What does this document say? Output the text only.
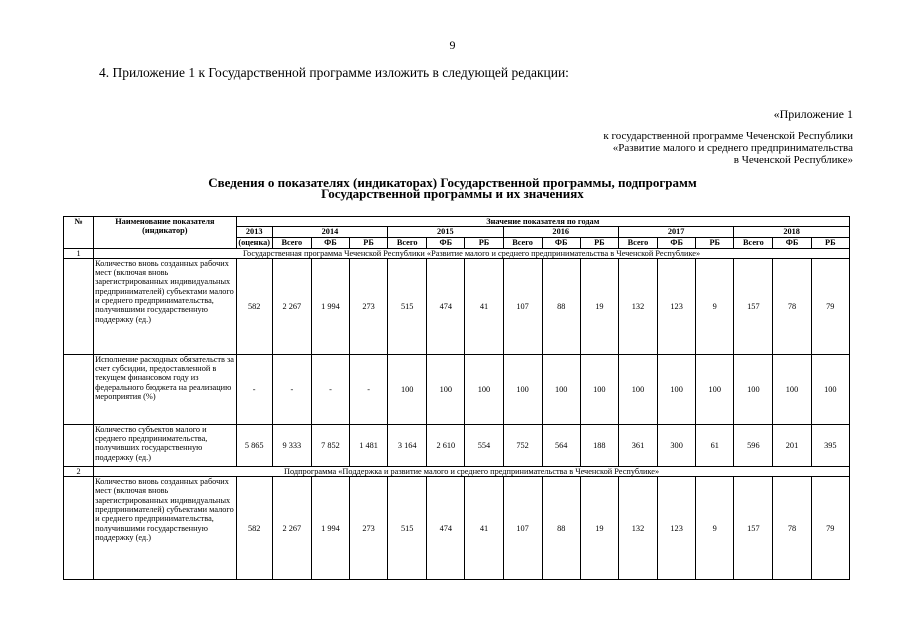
9
4. Приложение 1 к Государственной программе изложить в следующей редакции:
«Приложение 1
к государственной программе Чеченской Республики
«Развитие малого и среднего предпринимательства
в Чеченской Республике»
Сведения о показателях (индикаторах) Государственной программы, подпрограмм
Государственной программы и их значениях
№	Наименование показателя (индикатор)	Значение показателя по годам															
		2013	2014			2015			2016			2017			2018		
		(оценка)	Всего	ФБ	РБ	Всего	ФБ	РБ	Всего	ФБ	РБ	Всего	ФБ	РБ	Всего	ФБ	РБ
1	Государственная программа Чеченской Республики «Развитие малого и среднего предпринимательства в Чеченской Республике»																
	Количество вновь созданных рабочих мест (включая вновь зарегистрированных индивидуальных предпринимателей) субъектами малого и среднего предпринимательства, получившими государственную поддержку (ед.)	582	2 267	1 994	273	515	474	41	107	88	19	132	123	9	157	78	79
	Исполнение расходных обязательств за счет субсидии, предоставленной в текущем финансовом году из федерального бюджета на реализацию мероприятия (%)	-	-	-	-	100	100	100	100	100	100	100	100	100	100	100	100
	Количество субъектов малого и среднего предпринимательства, получивших государственную поддержку (ед.)	5 865	9 333	7 852	1 481	3 164	2 610	554	752	564	188	361	300	61	596	201	395
2	Подпрограмма «Поддержка и развитие малого и среднего предпринимательства в Чеченской Республике»																
	Количество вновь созданных рабочих мест (включая вновь зарегистрированных индивидуальных предпринимателей) субъектами малого и среднего предпринимательства, получившими государственную поддержку (ед.)	582	2 267	1 994	273	515	474	41	107	88	19	132	123	9	157	78	79
